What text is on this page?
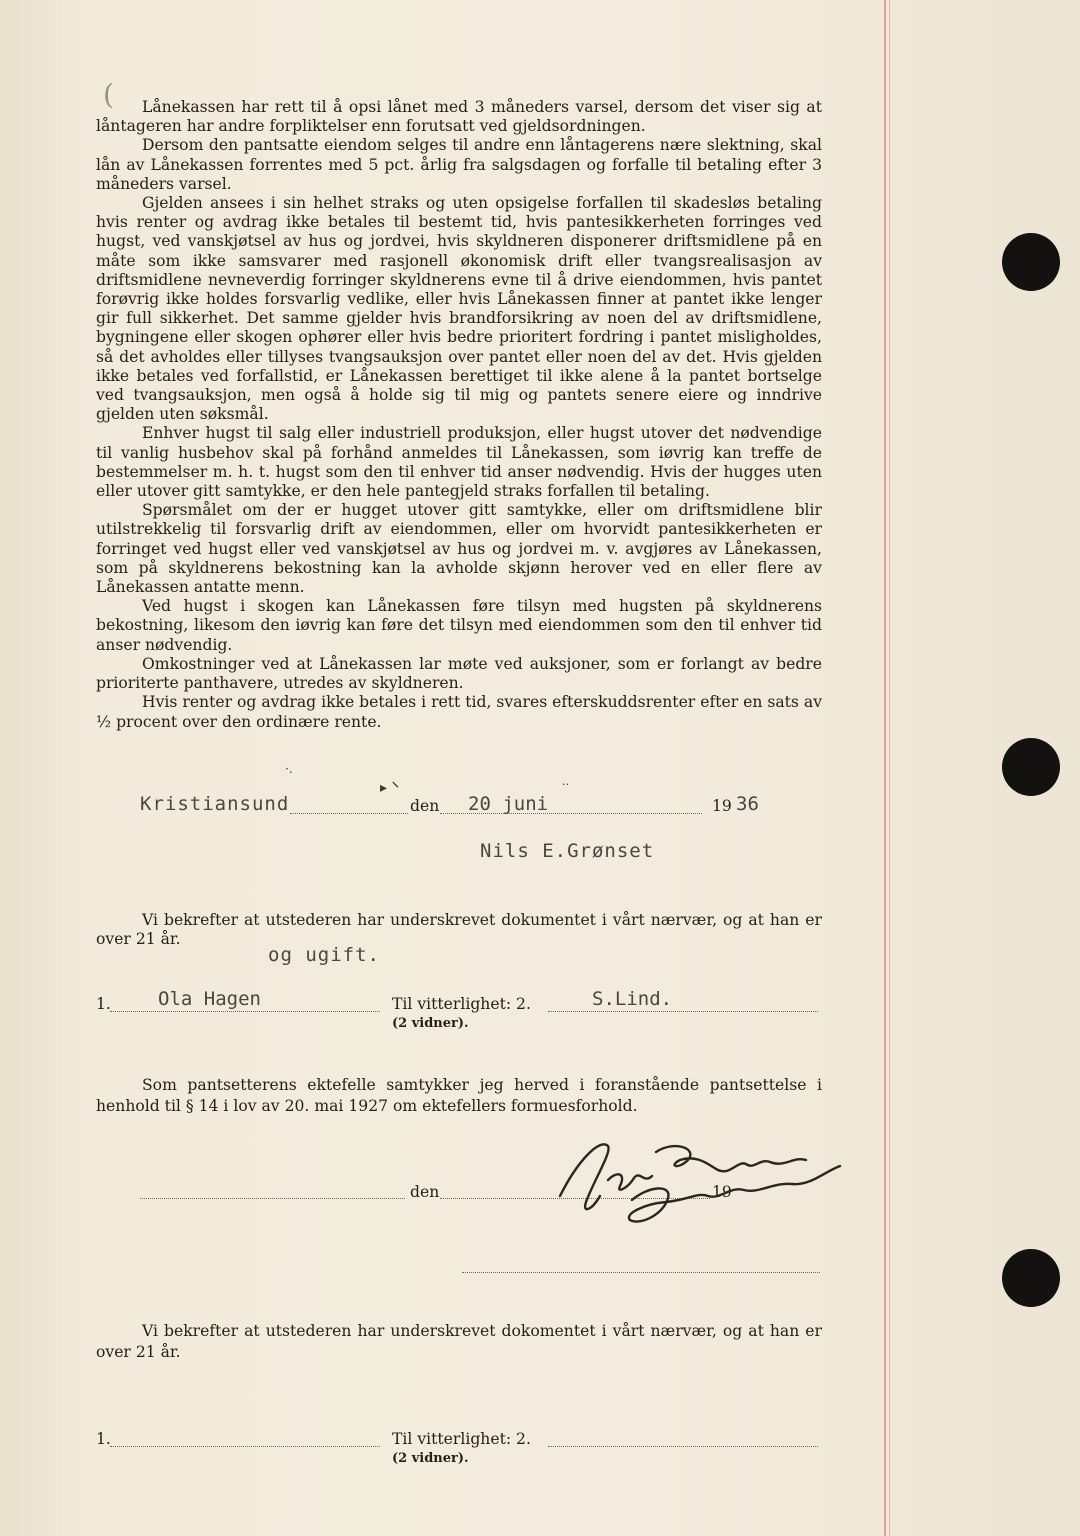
(	Lånekassen har rett til å opsi lånet med 3 måneders varsel, dersom det viser sig at låntageren har andre forpliktelser enn forutsatt ved gjeldsordningen.

Dersom den pantsatte eiendom selges til andre enn låntagerens nære slektning, skal lån av Lånekassen forrentes med 5 pct. årlig fra salgsdagen og forfalle til betaling efter 3 måneders varsel.

Gjelden ansees i sin helhet straks og uten opsigelse forfallen til skadesløs betaling hvis renter og avdrag ikke betales til bestemt tid, hvis pantesikkerheten forringes ved hugst, ved vanskjøtsel av hus og jordvei, hvis skyldneren disponerer driftsmidlene på en måte som ikke samsvarer med rasjonell økonomisk drift eller tvangsrealisasjon av driftsmidlene nevneverdig forringer skyldnerens evne til å drive eiendommen, hvis pantet forøvrig ikke holdes forsvarlig vedlike, eller hvis Lånekassen finner at pantet ikke lenger gir full sikkerhet. Det samme gjelder hvis brandforsikring av noen del av driftsmidlene, bygningene eller skogen ophører eller hvis bedre prioritert fordring i pantet misligholdes, så det avholdes eller tillyses tvangsauksjon over pantet eller noen del av det. Hvis gjelden ikke betales ved forfallstid, er Lånekassen berettiget til ikke alene å la pantet bortselge ved tvangsauksjon, men også å holde sig til mig og pantets senere eiere og inndrive gjelden uten søksmål.

Enhver hugst til salg eller industriell produksjon, eller hugst utover det nødvendige til vanlig husbehov skal på forhånd anmeldes til Lånekassen, som iøvrig kan treffe de bestemmelser m. h. t. hugst som den til enhver tid anser nødvendig. Hvis der hugges uten eller utover gitt samtykke, er den hele pantegjeld straks forfallen til betaling.

Spørsmålet om der er hugget utover gitt samtykke, eller om driftsmidlene blir utilstrekkelig til forsvarlig drift av eiendommen, eller om hvorvidt pantesikkerheten er forringet ved hugst eller ved vanskjøtsel av hus og jordvei m. v. avgjøres av Lånekassen, som på skyldnerens bekostning kan la avholde skjønn herover ved en eller flere av Lånekassen antatte menn.

Ved hugst i skogen kan Lånekassen føre tilsyn med hugsten på skyldnerens bekostning, likesom den iøvrig kan føre det tilsyn med eiendommen som den til enhver tid anser nødvendig.

Omkostninger ved at Lånekassen lar møte ved auksjoner, som er forlangt av bedre prioriterte panthavere, utredes av skyldneren.

Hvis renter og avdrag ikke betales i rett tid, svares efterskuddsrenter efter en sats av ½ procent over den ordinære rente.

·.
▸ ⸌	··
Kristiansund	den 20 juni	19 36
Nils E.Grønset
Vi bekrefter at utstederen har underskrevet dokumentet i vårt nærvær, og at han er over 21 år.
og ugift.
1. Ola Hagen	Til vitterlighet: 2.	S.Lind.
(2 vidner).
Som pantsetterens ektefelle samtykker jeg herved i foranstående pantsettelse i henhold til § 14 i lov av 20. mai 1927 om ektefellers formuesforhold.
den	19
Vi bekrefter at utstederen har underskrevet dokomentet i vårt nærvær, og at han er over 21 år.
1.	Til vitterlighet: 2.
(2 vidner).
